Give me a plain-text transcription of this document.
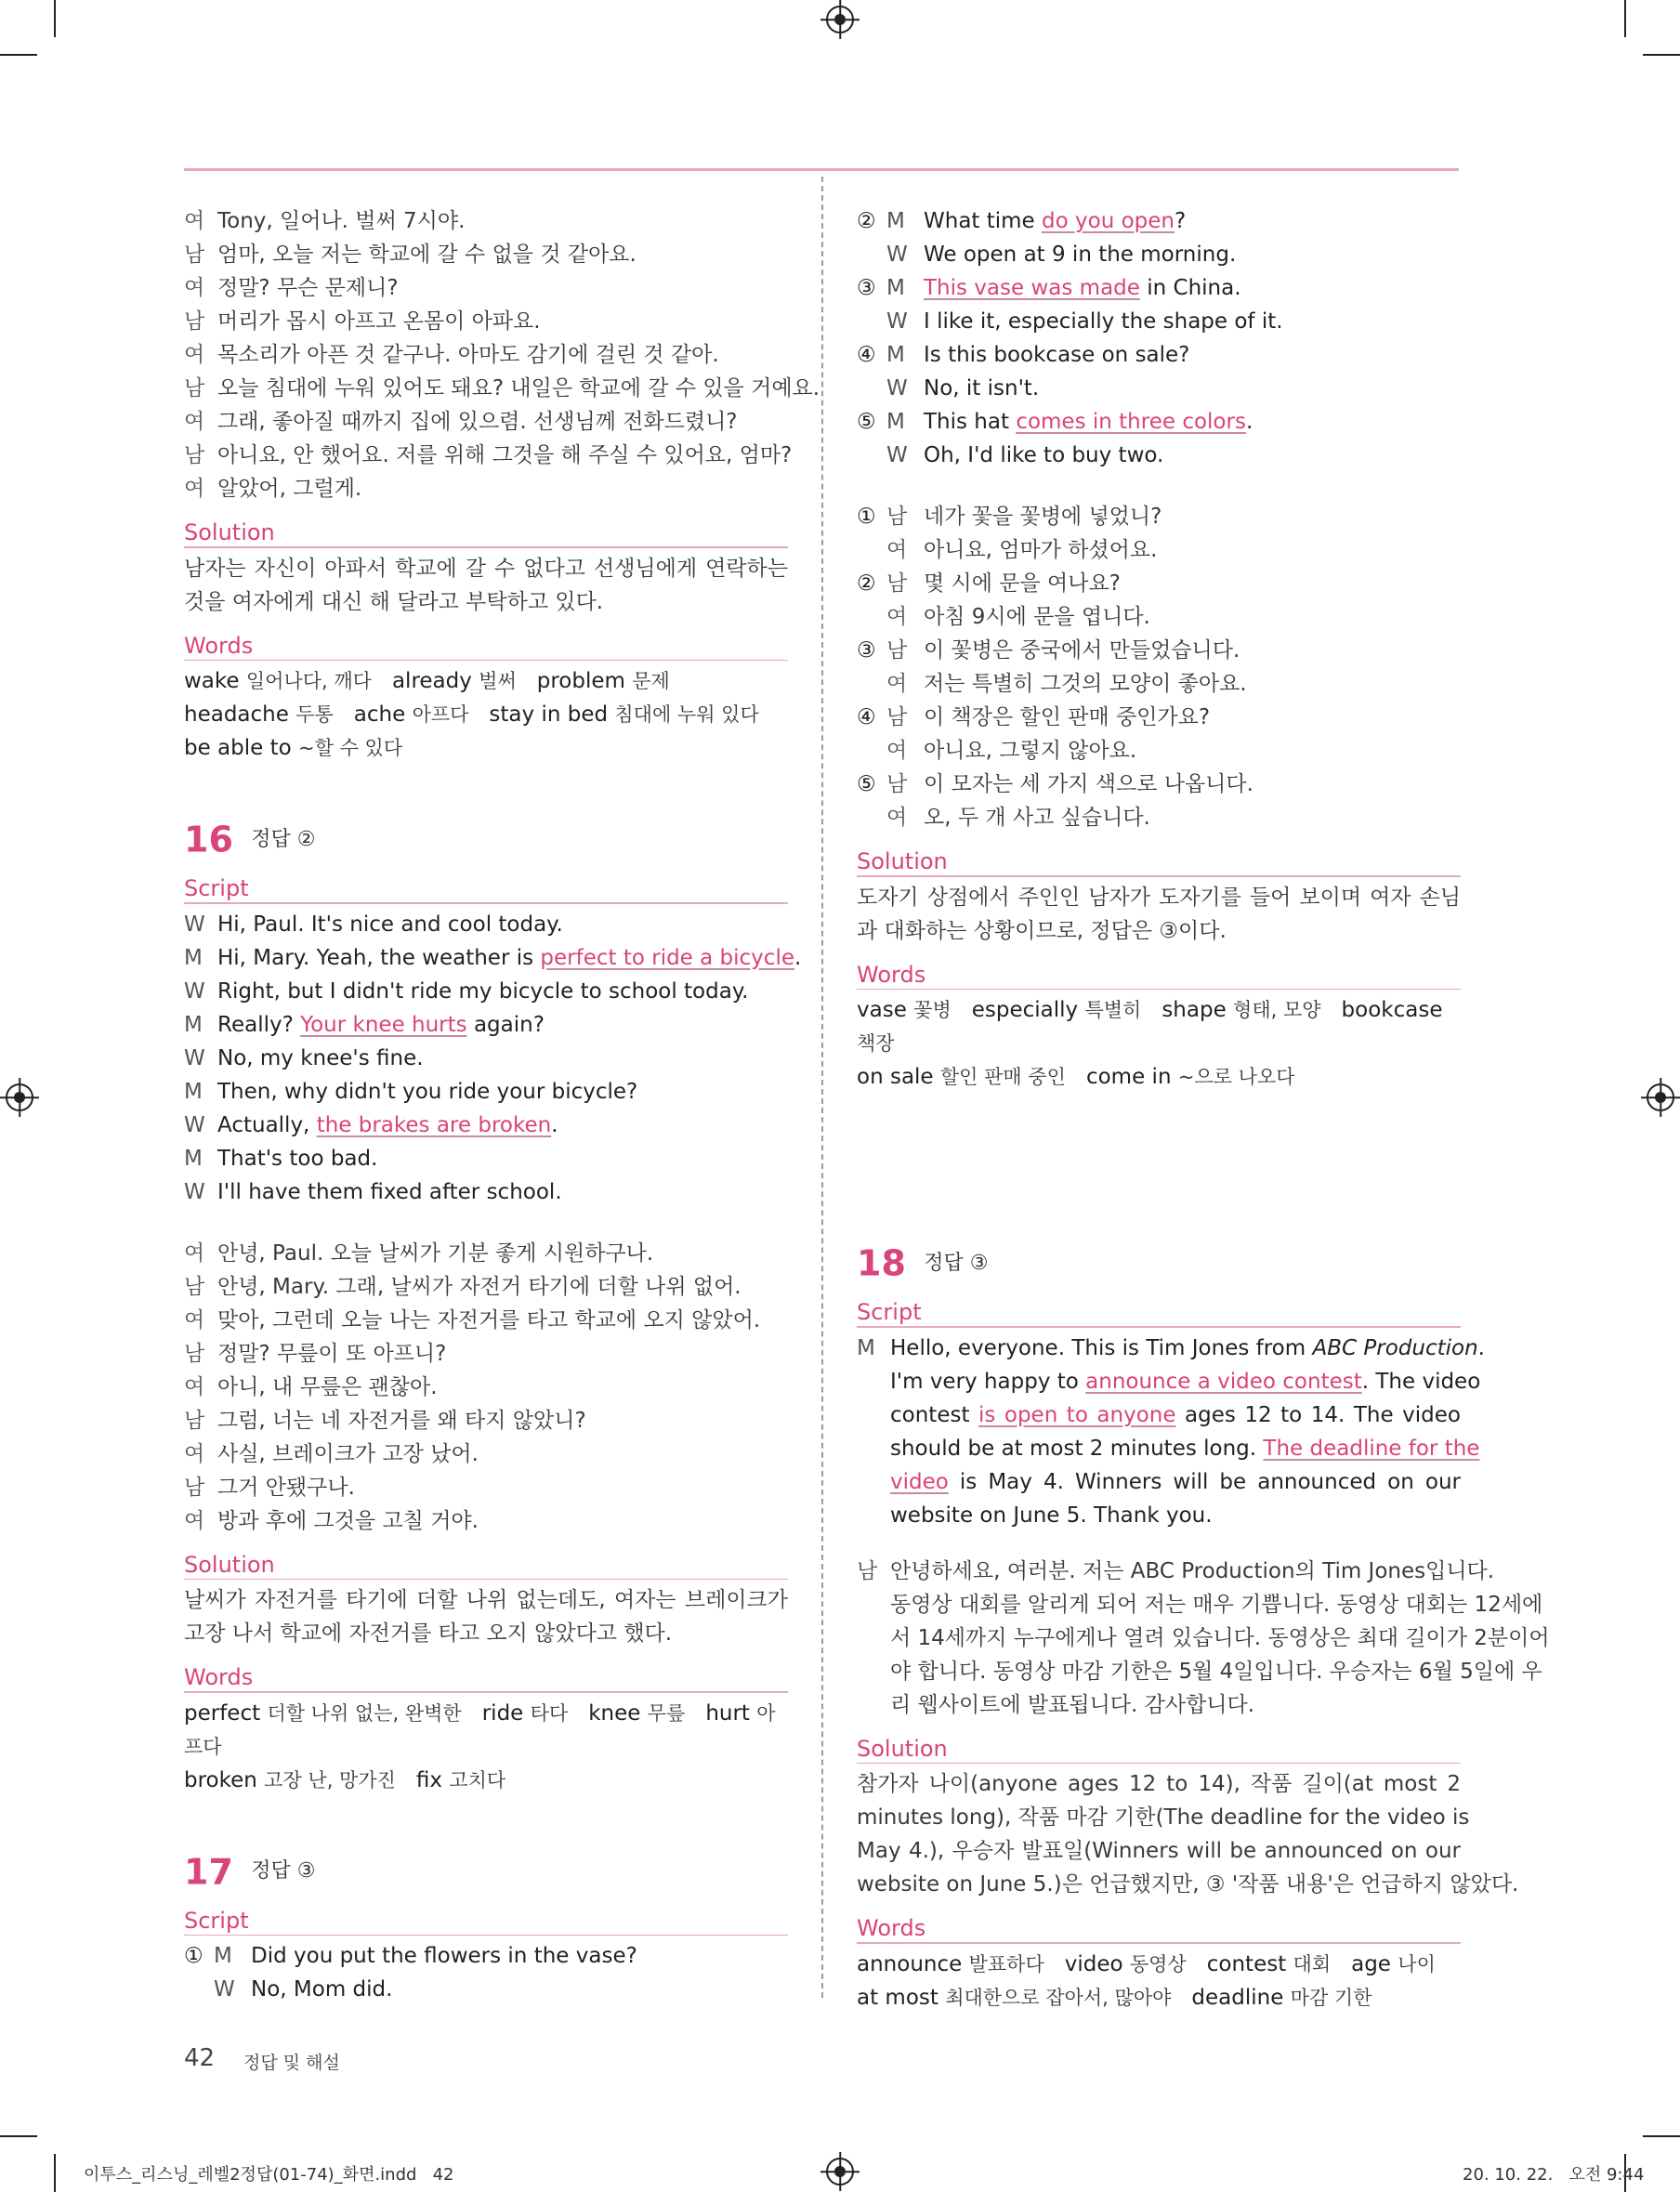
여 Tony, 일어나. 벌써 7시야.
남 엄마, 오늘 저는 학교에 갈 수 없을 것 같아요.
여 정말? 무슨 문제니?
남 머리가 몹시 아프고 온몸이 아파요.
여 목소리가 아픈 것 같구나. 아마도 감기에 걸린 것 같아.
남 오늘 침대에 누워 있어도 돼요? 내일은 학교에 갈 수 있을 거예요.
여 그래, 좋아질 때까지 집에 있으렴. 선생님께 전화드렸니?
남 아니요, 안 했어요. 저를 위해 그것을 해 주실 수 있어요, 엄마?
여 알았어, 그럴게.
Solution
남자는 자신이 아파서 학교에 갈 수 없다고 선생님에게 연락하는 것을 여자에게 대신 해 달라고 부탁하고 있다.
Words
wake 일어나다, 깨다 already 벌써 problem 문제
headache 두통 ache 아프다 stay in bed 침대에 누워 있다
be able to ~할 수 있다
16 정답 ②
Script
W Hi, Paul. It's nice and cool today.
M Hi, Mary. Yeah, the weather is perfect to ride a bicycle.
W Right, but I didn't ride my bicycle to school today.
M Really? Your knee hurts again?
W No, my knee's fine.
M Then, why didn't you ride your bicycle?
W Actually, the brakes are broken.
M That's too bad.
W I'll have them fixed after school.
여 안녕, Paul. 오늘 날씨가 기분 좋게 시원하구나.
남 안녕, Mary. 그래, 날씨가 자전거 타기에 더할 나위 없어.
여 맞아, 그런데 오늘 나는 자전거를 타고 학교에 오지 않았어.
남 정말? 무릎이 또 아프니?
여 아니, 내 무릎은 괜찮아.
남 그럼, 너는 네 자전거를 왜 타지 않았니?
여 사실, 브레이크가 고장 났어.
남 그거 안됐구나.
여 방과 후에 그것을 고칠 거야.
Solution
날씨가 자전거를 타기에 더할 나위 없는데도, 여자는 브레이크가 고장 나서 학교에 자전거를 타고 오지 않았다고 했다.
Words
perfect 더할 나위 없는, 완벽한 ride 타다 knee 무릎 hurt 아프다
broken 고장 난, 망가진 fix 고치다
17 정답 ③
Script
① M Did you put the flowers in the vase?
W No, Mom did.
② M What time do you open?
W We open at 9 in the morning.
③ M This vase was made in China.
W I like it, especially the shape of it.
④ M Is this bookcase on sale?
W No, it isn't.
⑤ M This hat comes in three colors.
W Oh, I'd like to buy two.
① 남 네가 꽃을 꽃병에 넣었니?
여 아니요, 엄마가 하셨어요.
② 남 몇 시에 문을 여나요?
여 아침 9시에 문을 엽니다.
③ 남 이 꽃병은 중국에서 만들었습니다.
여 저는 특별히 그것의 모양이 좋아요.
④ 남 이 책장은 할인 판매 중인가요?
여 아니요, 그렇지 않아요.
⑤ 남 이 모자는 세 가지 색으로 나옵니다.
여 오, 두 개 사고 싶습니다.
Solution
도자기 상점에서 주인인 남자가 도자기를 들어 보이며 여자 손님과 대화하는 상황이므로, 정답은 ③이다.
Words
vase 꽃병 especially 특별히 shape 형태, 모양 bookcase 책장
on sale 할인 판매 중인 come in ~으로 나오다
18 정답 ③
Script
M Hello, everyone. This is Tim Jones from ABC Production.
I'm very happy to announce a video contest. The video
contest is open to anyone ages 12 to 14. The video
should be at most 2 minutes long. The deadline for the
video is May 4. Winners will be announced on our
website on June 5. Thank you.
남 안녕하세요, 여러분. 저는 ABC Production의 Tim Jones입니다.
동영상 대회를 알리게 되어 저는 매우 기쁩니다. 동영상 대회는 12세에
서 14세까지 누구에게나 열려 있습니다. 동영상은 최대 길이가 2분이어
야 합니다. 동영상 마감 기한은 5월 4일입니다. 우승자는 6월 5일에 우
리 웹사이트에 발표됩니다. 감사합니다.
Solution
참가자 나이(anyone ages 12 to 14), 작품 길이(at most 2
minutes long), 작품 마감 기한(The deadline for the video is
May 4.), 우승자 발표일(Winners will be announced on our
website on June 5.)은 언급했지만, ③ '작품 내용'은 언급하지 않았다.
Words
announce 발표하다 video 동영상 contest 대회 age 나이
at most 최대한으로 잡아서, 많아야 deadline 마감 기한
42 정답 및 해설
이투스_리스닝_레벨2정답(01-74)_화면.indd   42	20. 10. 22.   오전 9:44
